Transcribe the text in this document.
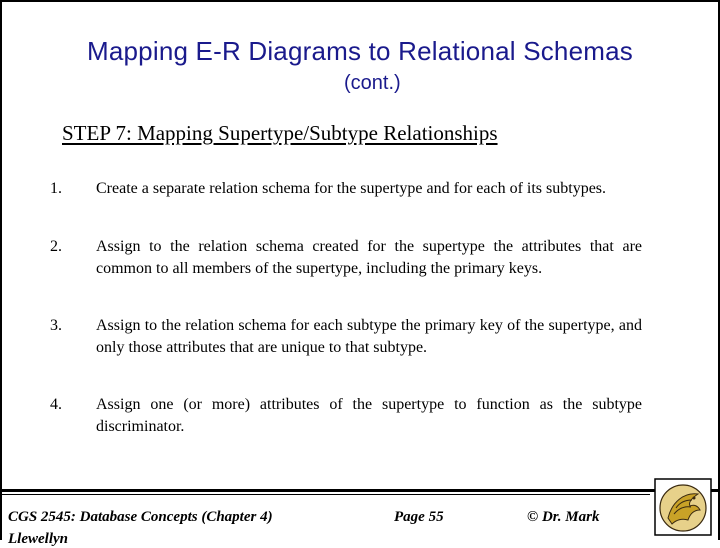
Mapping E-R Diagrams to Relational Schemas
(cont.)
STEP 7: Mapping Supertype/Subtype Relationships
1. Create a separate relation schema for the supertype and for each of its subtypes.
2. Assign to the relation schema created for the supertype the attributes that are common to all members of the supertype, including the primary keys.
3. Assign to the relation schema for each subtype the primary key of the supertype, and only those attributes that are unique to that subtype.
4. Assign one (or more) attributes of the supertype to function as the subtype discriminator.
CGS 2545: Database Concepts (Chapter 4)	Page 55	© Dr. Mark
Llewellyn
